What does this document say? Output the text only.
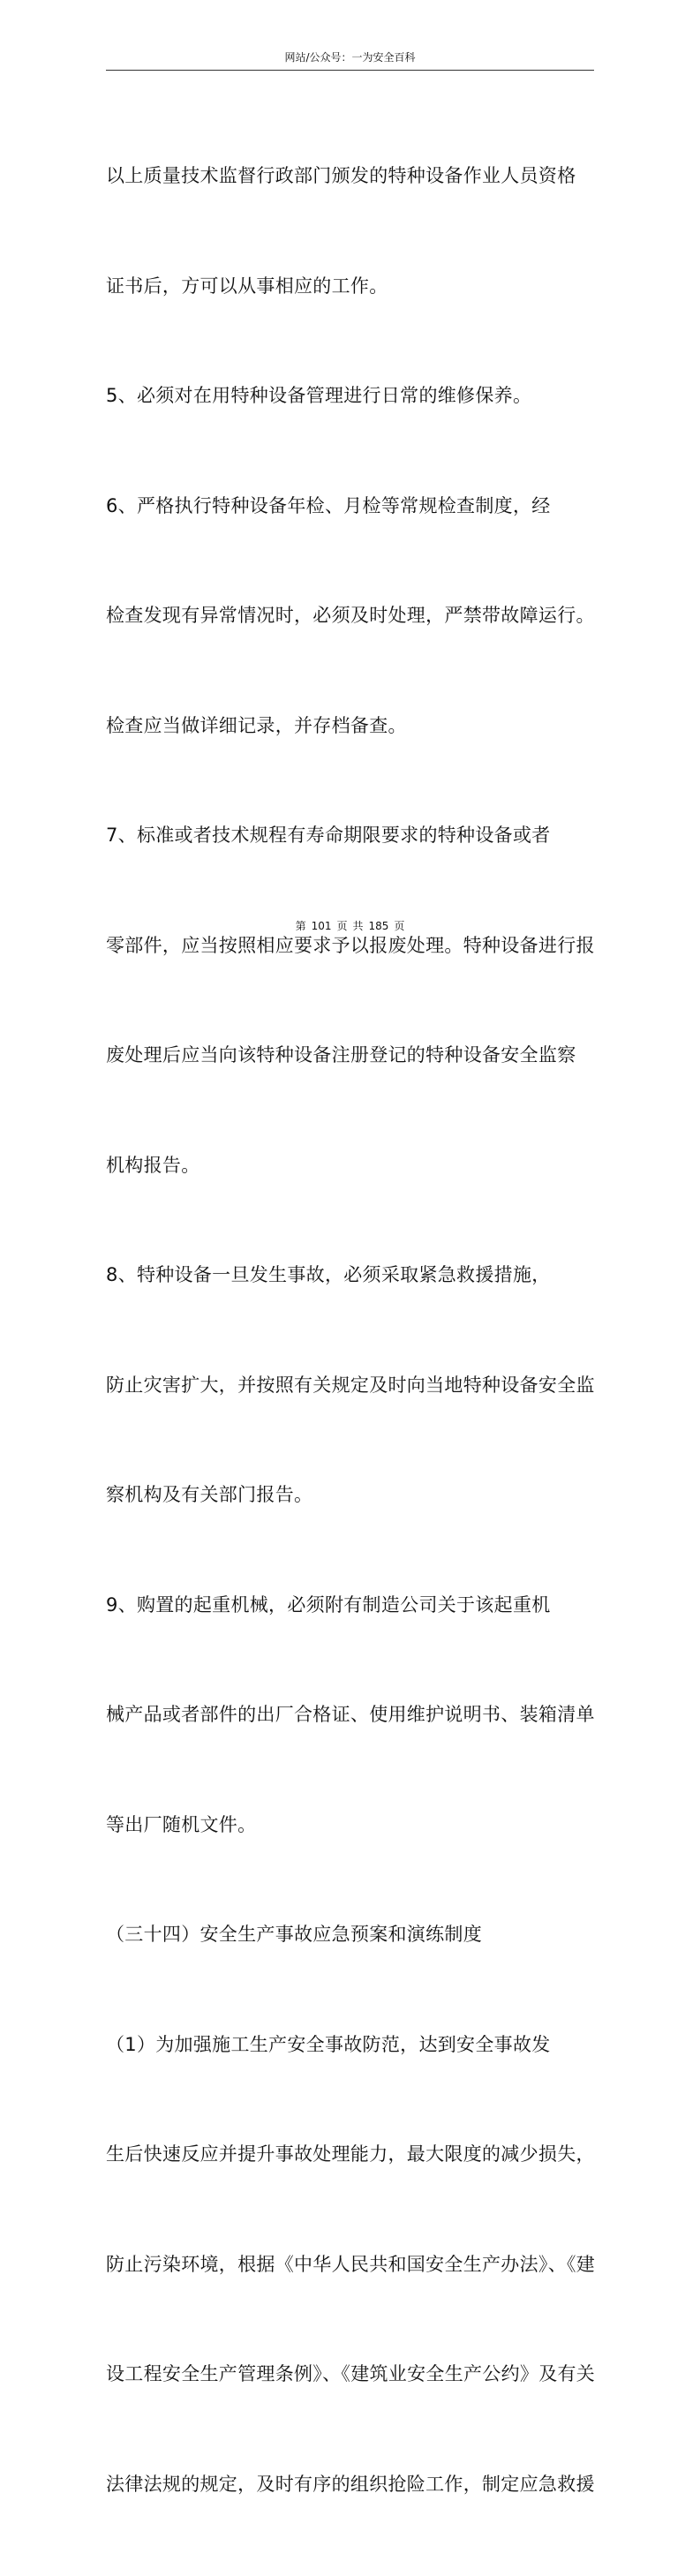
网站/公众号：一为安全百科

以上质量技术监督行政部门颁发的特种设备作业人员资格

证书后，方可以从事相应的工作。

5、必须对在用特种设备管理进行日常的维修保养。

6、严格执行特种设备年检、月检等常规检查制度，经

检查发现有异常情况时，必须及时处理，严禁带故障运行。

检查应当做详细记录，并存档备查。

7、标准或者技术规程有寿命期限要求的特种设备或者

零部件，应当按照相应要求予以报废处理。特种设备进行报

废处理后应当向该特种设备注册登记的特种设备安全监察

机构报告。

8、特种设备一旦发生事故，必须采取紧急救援措施，

防止灾害扩大，并按照有关规定及时向当地特种设备安全监

察机构及有关部门报告。

9、购置的起重机械，必须附有制造公司关于该起重机

械产品或者部件的出厂合格证、使用维护说明书、装箱清单

等出厂随机文件。

（三十四）安全生产事故应急预案和演练制度

（1）为加强施工生产安全事故防范，达到安全事故发

生后快速反应并提升事故处理能力，最大限度的减少损失，

防止污染环境，根据《中华人民共和国安全生产办法》、《建

设工程安全生产管理条例》、《建筑业安全生产公约》及有关

法律法规的规定，及时有序的组织抢险工作，制定应急救援

第 101 页 共 185 页
